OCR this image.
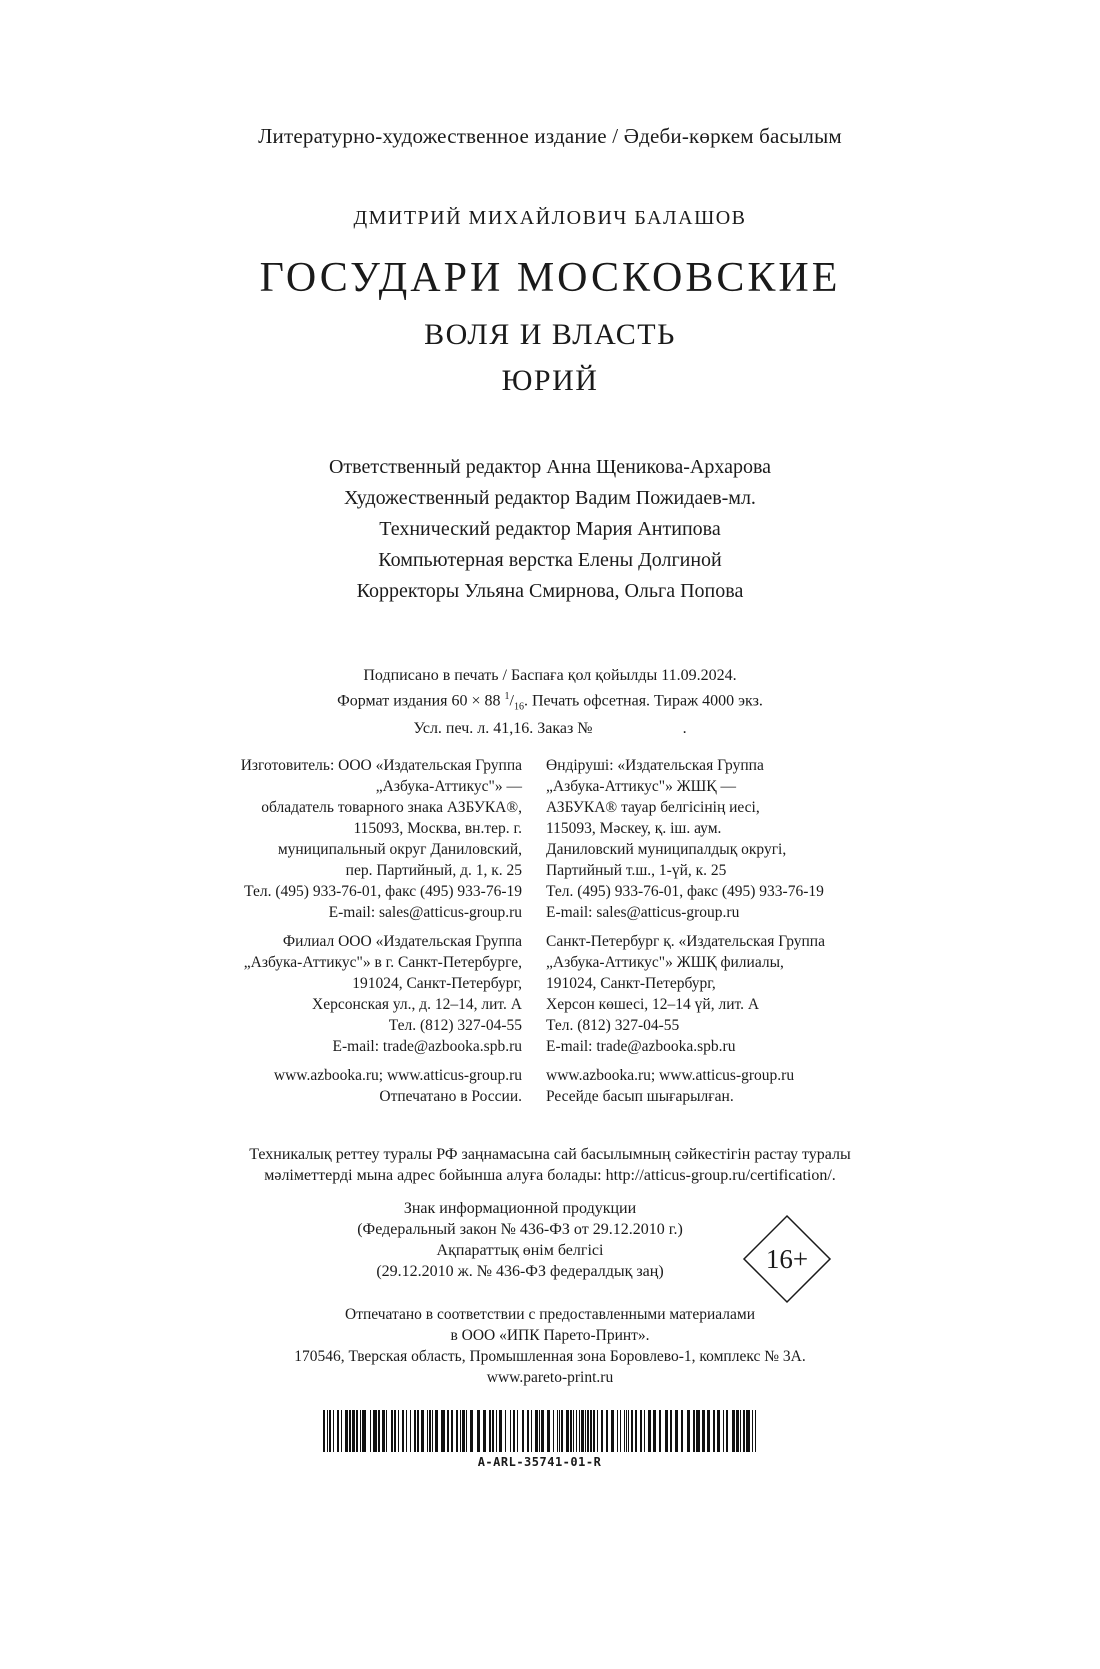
Литературно-художественное издание / Әдеби-көркем басылым
ДМИТРИЙ МИХАЙЛОВИЧ БАЛАШОВ
ГОСУДАРИ МОСКОВСКИЕ
ВОЛЯ И ВЛАСТЬ
ЮРИЙ
Ответственный редактор Анна Щеникова-Архарова
Художественный редактор Вадим Пожидаев-мл.
Технический редактор Мария Антипова
Компьютерная верстка Елены Долгиной
Корректоры Ульяна Смирнова, Ольга Попова
Подписано в печать / Баспаға қол қойылды 11.09.2024.
Формат издания 60 × 88 $^1/_{16}$. Печать офсетная. Тираж 4000 экз.
Усл. печ. л. 41,16. Заказ №	.
Изготовитель: ООО «Издательская Группа
„Азбука-Аттикус"» —
обладатель товарного знака АЗБУКА®,
115093, Москва, вн.тер. г.
муниципальный округ Даниловский,
пер. Партийный, д. 1, к. 25
Тел. (495) 933-76-01, факс (495) 933-76-19
E-mail: sales@atticus-group.ru
Филиал ООО «Издательская Группа
„Азбука-Аттикус"» в г. Санкт-Петербурге,
191024, Санкт-Петербург,
Херсонская ул., д. 12–14, лит. А
Тел. (812) 327-04-55
E-mail: trade@azbooka.spb.ru
www.azbooka.ru; www.atticus-group.ru
Отпечатано в России.
Өндіруші: «Издательская Группа
„Азбука-Аттикус"» ЖШҚ —
АЗБУКА® тауар белгісінің иесі,
115093, Мәскеу, қ. іш. аум.
Даниловский муниципалдық округі,
Партийный т.ш., 1-үй, к. 25
Тел. (495) 933-76-01, факс (495) 933-76-19
E-mail: sales@atticus-group.ru
Санкт-Петербург қ. «Издательская Группа
„Азбука-Аттикус"» ЖШҚ филиалы,
191024, Санкт-Петербург,
Херсон көшесі, 12–14 үй, лит. А
Тел. (812) 327-04-55
E-mail: trade@azbooka.spb.ru
www.azbooka.ru; www.atticus-group.ru
Ресейде басып шығарылған.
Техникалық реттеу туралы РФ заңнамасына сай басылымның сәйкестігін растау туралы
мәліметтерді мына адрес бойынша алуға болады: http://atticus-group.ru/certification/.
Знак информационной продукции
(Федеральный закон № 436-ФЗ от 29.12.2010 г.)
Ақпараттық өнім белгісі
(29.12.2010 ж. № 436-ФЗ федералдық заң)	16+
Отпечатано в соответствии с предоставленными материалами
в ООО «ИПК Парето-Принт».
170546, Тверская область, Промышленная зона Боровлево-1, комплекс № 3А.
www.pareto-print.ru
A-ARL-35741-01-R
